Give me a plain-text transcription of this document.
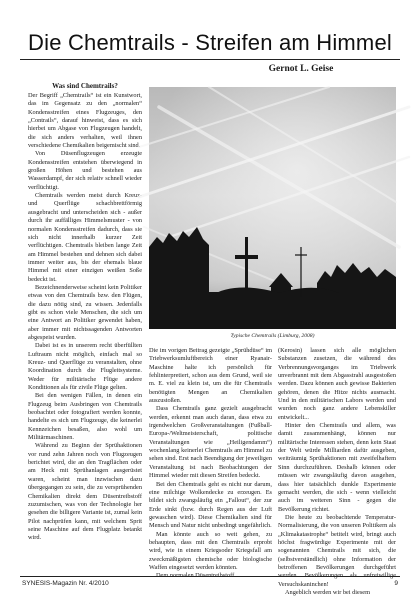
Die Chemtrails - Streifen am Himmel
Gernot L. Geise
Was sind Chemtrails?

Der Begriff „Chemtrails“ ist ein Kunstwort, das im Gegensatz zu den „normalen“ Kondensstreifen eines Flugzeuges, den „Contrails“, darauf hinweist, dass es sich hierbei um Abgase von Flugzeugen handelt, die sich anders verhalten, weil ihnen verschiedene Chemikalien beigemischt sind.

Von Düsenflugzeugen erzeugte Kondensstreifen entstehen überwiegend in großen Höhen und bestehen aus Wasserdampf, der sich relativ schnell wieder verflüchtigt.

Chemtrails werden meist durch Kreuz- und Querflüge schachbrettförmig ausgebracht und unterscheiden sich - außer durch ihr auffälliges Himmelsmuster - von normalen Kondensstreifen dadurch, dass sie sich nicht innerhalb kurzer Zeit verflüchtigen. Chemtrails bleiben lange Zeit am Himmel bestehen und dehnen sich dabei immer weiter aus, bis der ehemals blaue Himmel mit einer einzigen weißen Soße bedeckt ist.

Bezeichnenderweise scheint kein Politiker etwas von den Chemtrails bzw. den Flügen, die dazu nötig sind, zu wissen. Jedenfalls gibt es schon viele Menschen, die sich um eine Antwort an Politiker gewendet haben, aber immer mit nichtssagenden Antworten abgespeist wurden.

Dabei ist es in unserem recht überfüllten Luftraum nicht möglich, einfach mal so Kreuz- und Querflüge zu veranstalten, ohne Koordination durch die Flugleitsysteme. Weder für militärische Flüge andere Konditionen als für zivile Flüge gelten.

Bei den wenigen Fällen, in denen ein Flugzeug beim Ausbringen von Chemtrails beobachtet oder fotografiert werden konnte, handelte es sich um Flugzeuge, die keinerlei Kennzeichen besaßen, also wohl um Militärmaschinen.

Während zu Beginn der Sprühaktionen vor rund zehn Jahren noch von Flugzeugen berichtet wird, die an den Tragflächen oder am Heck mit Sprühanlagen ausgerüstet waren, scheint man inzwischen dazu übergegangen zu sein, die zu versprühenden Chemikalien direkt dem Düsentreibstoff zuzumischen, was von der Technologie her gesehen die billigere Variante ist, zumal kein Pilot nachprüfen kann, mit welchem Sprit seine Maschine auf dem Flugplatz betankt wird.

Typische Chemtrails (Limburg, 2008)

Die im vorigen Beitrag gezeigte „Sprühdüse“ im Triebwerksumluftbereich einer Ryanair-Maschine halte ich persönlich für fehlinterpretiert, schon aus dem Grund, weil sie m. E. viel zu klein ist, um die für Chemtrails benötigten Mengen an Chemikalien auszustoßen.

Dass Chemtrails ganz gezielt ausgebracht werden, erkennt man auch daran, dass etwa zu irgendwelchen Großveranstaltungen (Fußball-Europa-/Weltmeisterschaft, politische Veranstaltungen wie „Heiligendamm“) wochenlang keinerlei Chemtrails am Himmel zu sehen sind. Erst nach Beendigung der jeweiligen Veranstaltung ist nach Beobachtungen der Himmel wieder mit diesen Streifen bedeckt.

Bei den Chemtrails geht es nicht nur darum, eine milchige Wolkendecke zu erzeugen. Es bildet sich zwangsläufig ein „Fallout“, der zur Erde sinkt (bzw. durch Regen aus der Luft gewaschen wird). Diese Chemikalien sind für Mensch und Natur nicht unbedingt ungefährlich.

Man könnte auch so weit gehen, zu behaupten, dass mit den Chemtrails erprobt wird, wie in einem Kriegsoder Kriegsfall am zweckmäßigsten chemische oder biologische Waffen eingesetzt werden könnten.

(Kerosin) lassen sich alle möglichen Substanzen zusetzen, die während des Verbrennungsvorganges im Triebwerk unverbrannt mit dem Abgasstrahl ausgestoßen werden. Dazu können auch gewisse Bakterien gehören, denen die Hitze nichts ausmacht. Und in den militärischen Labors werden und wurden noch ganz andere Lebenskiller entwickelt...

Hinter den Chemtrails und allem, was damit zusammenhängt, können nur militärische Interessen stehen, denn kein Staat der Welt würde Milliarden dafür ausgeben, weiträumig Sprühaktionen mit zweifelhaftem Sinn durchzuführen. Deshalb können oder müssen wir zwangsläufig davon ausgehen, dass hier tatsächlich dunkle Experimente gemacht werden, die sich - wenn vielleicht auch im weiteren Sinn - gegen die Bevölkerung richtet.

Die heute zu beobachtende Temperatur-Normalisierung, die von unseren Politikern als „Klimakatastrophe“ betitelt wird, bringt auch höchst fragwürdige Experimente mit der sogenannten Chemtrails mit sich, die (selbstverständlich) ohne Information der betroffenen Bevölkerungen durchgeführt Versuchskaninchen!

Angeblich werden wir bei diesem

SYNESIS-Magazin Nr. 4/2010	9
